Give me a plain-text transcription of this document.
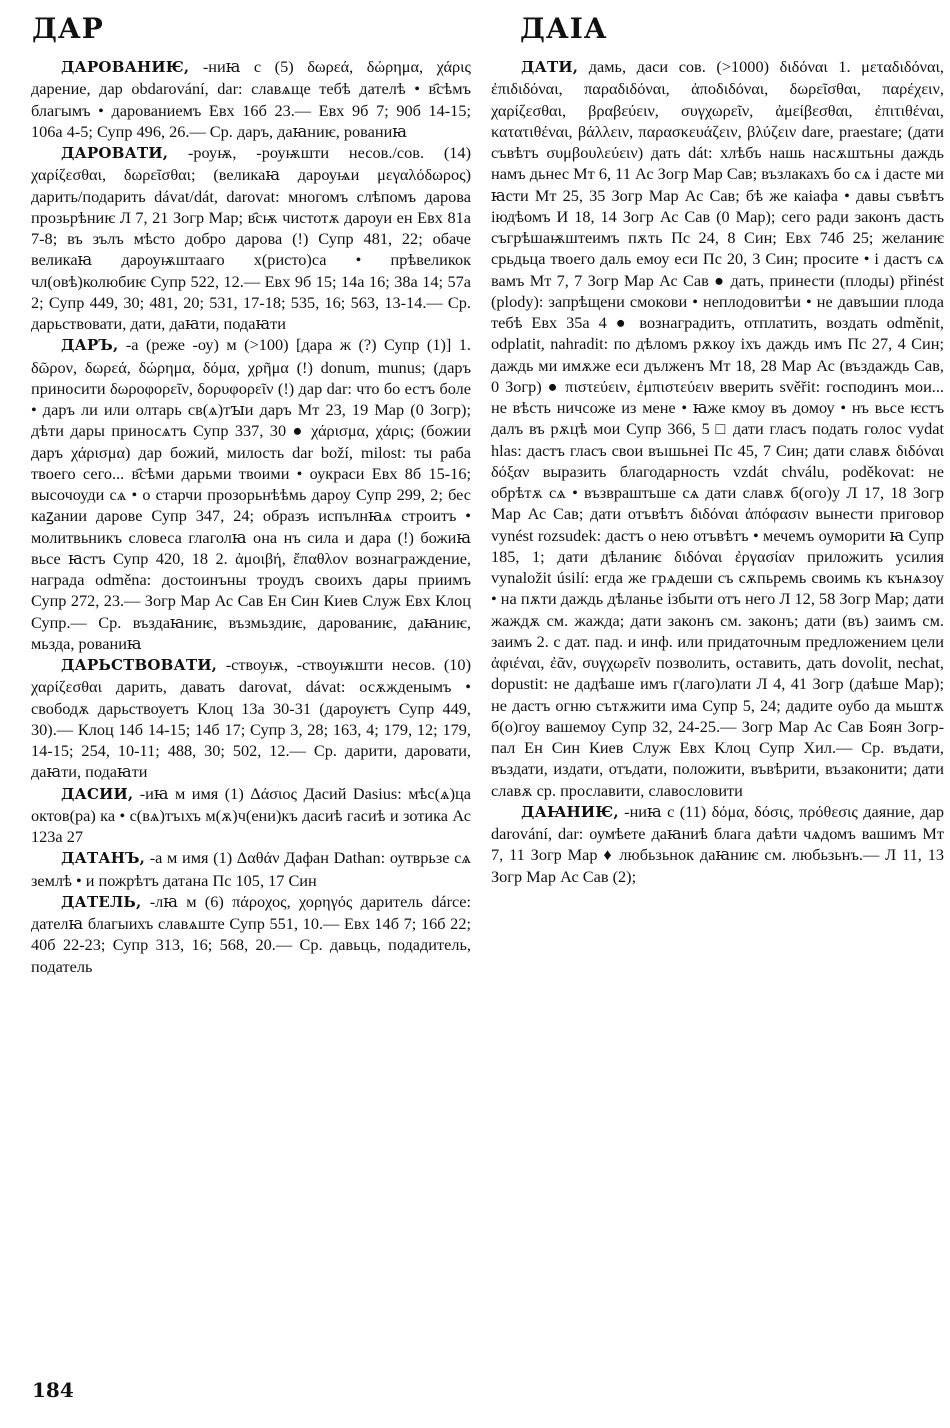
ДАР	ДАІА

ДАРОВАНИѤ, -ниꙗ с (5) δωρεά, δώρημα, χάρις дарение, дар obdarování, dar: славѧще тебѣ дателѣ • в҄сѣмъ благымъ • дарованиемъ Евх 16б 23.— Евх 9б 7; 90б 14-15; 106а 4-5; Супр 496, 26.— Ср. даръ, даꙗниѥ, рованиꙗ

ДАРОВАТИ, -роуѭ, -роуѭшти несов./сов. (14) χαρίζεσθαι, δωρεῖσθαι; (великаꙗ дароуѩи μεγαλόδωρος) дарить/подарить dávat/dát, darovat: многомъ слѣпомъ дарова прозьрѣниѥ Л 7, 21 Зогр Мар; в҄сѭ чистотѫ дароуи ен Евх 81а 7-8; въ зълъ мѣсто добро дарова (!) Супр 481, 22; обаче великаꙗ дароуѭштааго х(ристо)са • прѣвеликок чл(овѣ)колюбиѥ Супр 522, 12.— Евх 9б 15; 14а 16; 38а 14; 57а 2; Супр 449, 30; 481, 20; 531, 17-18; 535, 16; 563, 13-14.— Ср. дарьствовати, дати, даꙗти, подаꙗти

ДАРЪ, -а (реже -оу) м (>100) [дара ж (?) Супр (1)] 1. δῶρον, δωρεά, δώρημα, δόμα, χρῆμα (!) donum, munus; (даръ приносити δωροφορεῖν, δορυφορεῖν (!) дар dar: что бо естъ боле • даръ ли или олтарь св(ѧ)тꙑи даръ Мт 23, 19 Мар (0 Зогр); дѣти дары приносѧтъ Супр 337, 30 ● χάρισμα, χάρις; (божии даръ χάρισμα) дар божий, милость dar boží, milost: ты раба твоего сего... в҄сѣми дарьми твоими • оукраси Евх 8б 15-16; высочоуди сѧ • о старчи прозорьнѣѣмь дароу Супр 299, 2; бес каꙁании дарове Супр 347, 24; образъ испълнꙗѧ строитъ • молитвьникъ словеса глаголꙗ она нъ сила и дара (!) божиꙗ вьсе ꙗстъ Супр 420, 18 2. ἀμοιβή, ἔπαθλον вознаграждение, награда odměna: достоинъны троудъ своихъ дары приимъ Супр 272, 23.— Зогр Мар Ас Сав Ен Син Киев Служ Евх Клоц Супр.— Ср. въздаꙗниѥ, възмьздиѥ, дарованиѥ, даꙗниѥ, мьзда, рованиꙗ

ДАРЬСТВОВАТИ, -ствоуѭ, -ствоуѭшти несов. (10) χαρίζεσθαι дарить, давать darovat, dávat: осѫжденымъ • свободѫ дарьствоуетъ Клоц 13а 30-31 (дароуѥтъ Супр 449, 30).— Клоц 14б 14-15; 14б 17; Супр 3, 28; 163, 4; 179, 12; 179, 14-15; 254, 10-11; 488, 30; 502, 12.— Ср. дарити, даровати, даꙗти, подаꙗти

ДАСИИ, -иꙗ м имя (1) Δάσιος Дасий Dasius: мѣс(ѧ)ца октов(ра) ка • с(вѧ)тъıхъ м(ѫ)ч(ени)къ дасиѣ гасиѣ и зотика Ас 123а 27

ДАТАНЪ, -а м имя (1) Δαθάν Дафан Dathan: оутврьзе сѧ землѣ • и пожрѣтъ датана Пс 105, 17 Син

ДАТЕЛЬ, -лꙗ м (6) πάροχος, χορηγός даритель dárce: дателꙗ благыихъ славѧште Супр 551, 10.— Евх 14б 7; 16б 22; 40б 22-23; Супр 313, 16; 568, 20.— Ср. давьць, подадитель, податель

ДАТИ, дамь, даси сов. (>1000) διδόναι 1. μεταδιδόναι, ἐπιδιδόναι, παραδιδόναι, ἀποδιδόναι, δωρεῖσθαι, παρέχειν, χαρίζεσθαι, βραβεύειν, συγχωρεῖν, ἀμείβεσθαι, ἐπιτιθέναι, κατατιθέναι, βάλλειν, παρασκευάζειν, βλύζειν dare, praestare; (дати съвѣтъ συμβουλεύειν) дать dát: хлѣбъ нашь насѫштьны даждь намъ дьнес Мт 6, 11 Ас Зогр Мар Сав; възлакахъ бо сѧ і дасте ми ꙗсти Мт 25, 35 Зогр Мар Ас Сав; бѣ же каіафа • давы съвѣтъ іюдѣомъ И 18, 14 Зогр Ас Сав (0 Мар); сего ради законъ дасть съгрѣшаѭштеимъ пѫть Пс 24, 8 Син; Евх 74б 25; желаниѥ срьдьца твоего даль емоу еси Пс 20, 3 Син; просите • і дастъ сѧ вамъ Мт 7, 7 Зогр Мар Ас Сав ● дать, принести (плоды) přinést (plody): запрѣщени смокови • неплодовитѣи • не давъшии плода тебѣ Евх 35а 4 ● вознаградить, отплатить, воздать odměnit, odplatit, nahradit: по дѣломъ рѫкоу іхъ даждь имъ Пс 27, 4 Син; даждь ми имѫже еси дълженъ Мт 18, 28 Мар Ас (въздаждь Сав, 0 Зогр) ● πιστεύειν, ἐμπιστεύειν вверить svěřit: господинъ мои... не вѣсть ничсоже из мене • ꙗже кмоу въ домоу • нъ вьсе ѥстъ далъ въ рѫцѣ мои Супр 366, 5 □ дати гласъ подать голос vydat hlas: дастъ гласъ свои въıшьнеі Пс 45, 7 Син; дати славѫ διδόναι δόξαν выразить благодарность vzdát chválu, poděkovat: не обрѣтѫ сѧ • възвраштьше сѧ дати славѫ б(ого)у Л 17, 18 Зогр Мар Ас Сав; дати отъвѣтъ διδόναι ἀπόφασιν вынести приговор vynést rozsudek: дастъ о нею отъвѣтъ • мечемъ оуморити ꙗ Супр 185, 1; дати дѣланиѥ διδόναι ἐργασίαν приложить усилия vynaložit úsilí: егда же грѧдеши съ сѫпьремь своимь къ кънѧзоу • на пѫти даждь дѣланье ізбыти отъ него Л 12, 58 Зогр Мар; дати жаждѫ см. жажда; дати законъ см. законъ; дати (въ) заимъ см. заимъ 2. с дат. пад. и инф. или придаточным предложением цели ἀφιέναι, ἐᾶν, συγχωρεῖν позволить, оставить, дать dovolit, nechat, dopustit: не дадѣаше имъ г(лаго)лати Л 4, 41 Зогр (даѣше Мар); не дастъ огню сътѫжити има Супр 5, 24; дадите оубо да мьштѫ б(о)гоу вашемоу Супр 32, 24-25.— Зогр Мар Ас Сав Боян Зогр-пал Ен Син Киев Служ Евх Клоц Супр Хил.— Ср. въдати, въздати, издати, отъдати, положити, въвѣрити, възаконити; дати славѫ ср. прославити, славословити

ДАꙖНИѤ, -ниꙗ с (11) δόμα, δόσις, πρόθεσις даяние, дар darování, dar: оумѣете даꙗниѣ блага даѣти чѧдомъ вашимъ Мт 7, 11 Зогр Мар ♦ любьзьнок даꙗниѥ см. любьзьнъ.— Л 11, 13 Зогр Мар Ас Сав (2);

184
